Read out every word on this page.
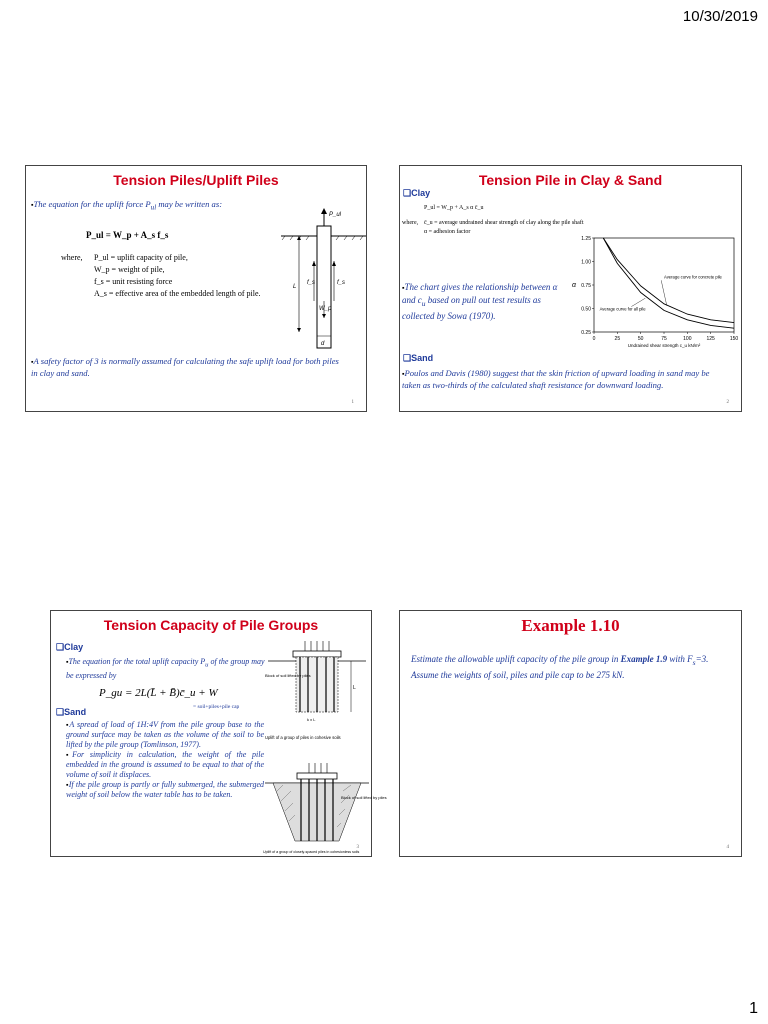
10/30/2019
Tension Piles/Uplift Piles
▪The equation for the uplift force $P_{ul}$ may be written as:
P_ul = W_p + A_s f_s
where, P_ul = uplift capacity of pile,
W_p = weight of pile,
f_s = unit resisting force
A_s = effective area of the embedded length of pile.
P_ul
L
f_s	f_s
W_p
d
▪A safety factor of 3 is normally assumed for calculating the safe uplift load for both piles in clay and sand.
1
Tension Pile in Clay & Sand
❑Clay
P_ul = W_p + A_s α c̄_u
where, c̄_u = average undrained shear strength of clay along the pile shaft
α = adhesion factor
▪The chart gives the relationship between α and $c_u$ based on pull out test results as collected by Sowa (1970).
0.25
0.50
0.75
1.00
1.25
0	25	50	75	100	125	150
α
Undrained shear strength c_u kN/m²
Average curve for concrete pile
Average curve for all pile
❑Sand
▪Poulos and Davis (1980) suggest that the skin friction of upward loading in sand may be taken as two-thirds of the calculated shaft resistance for downward loading.
2
Tension Capacity of Pile Groups
❑Clay
▪The equation for the total uplift capacity $P_u$ of the group may be expressed by
P_gu = 2L(L̄ + B̄)c̄_u + W
= soil+piles+pile cap
❑Sand
▪A spread of load of 1H:4V from the pile group base to the ground surface may be taken as the volume of the soil to be lifted by the pile group (Tomlinson, 1977).
▪For simplicity in calculation, the weight of the pile embedded in the ground is assumed to be equal to that of the volume of soil it displaces.
▪If the pile group is partly or fully submerged, the submerged weight of soil below the water table has to be taken.
L
Block of soil lifted by piles
k x L
Uplift of a group of piles in cohesive soils
Block of soil lifted by piles
Uplift of a group of closely-spaced piles in cohesionless soils
3
Example 1.10
Estimate the allowable uplift capacity of the pile group in Example 1.9 with $F_s=3$. Assume the weights of soil, piles and pile cap to be 275 kN.
4
1
